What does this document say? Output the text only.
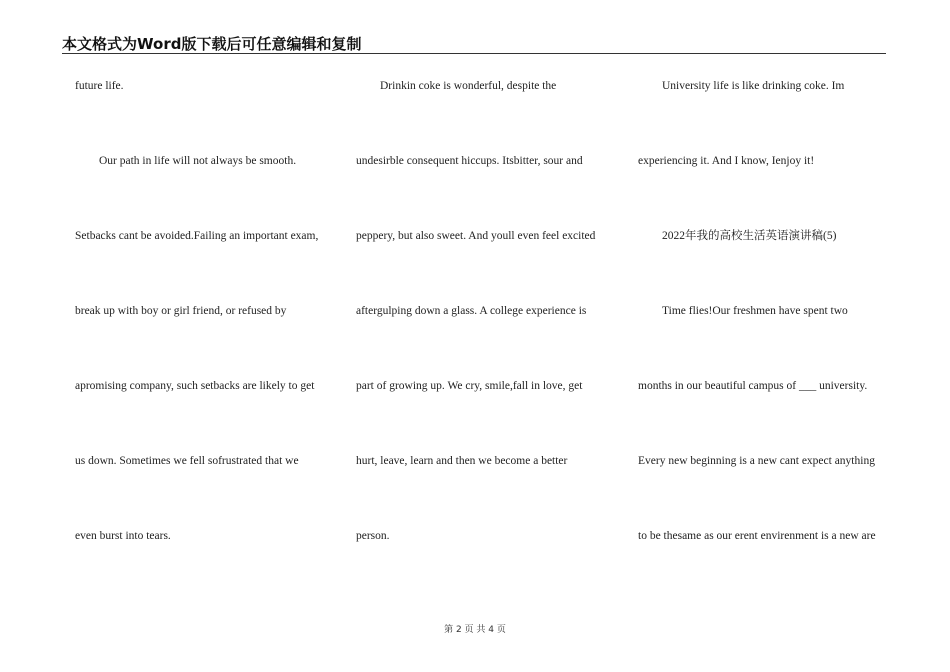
本文格式为Word版下载后可任意编辑和复制
future life.
Our path in life will not always be smooth.
Setbacks cant be avoided.Failing an important exam,
break up with boy or girl friend, or refused by
apromising company, such setbacks are likely to get
us down. Sometimes we fell sofrustrated that we
even burst into tears.
Drinkin coke is wonderful, despite the
undesirble consequent hiccups. Itsbitter, sour and
peppery, but also sweet. And youll even feel excited
aftergulping down a glass. A college experience is
part of growing up. We cry, smile,fall in love, get
hurt, leave, learn and then we become a better
person.
University life is like drinking coke. Im
experiencing it. And I know, Ienjoy it!
2022年我的高校生活英语演讲稿(5)
Time flies!Our freshmen have spent two
months in our beautiful campus of ___ university.
Every new beginning is a new cant expect anything
to be thesame as our erent envirenment is a new are
第 2 页 共 4 页
